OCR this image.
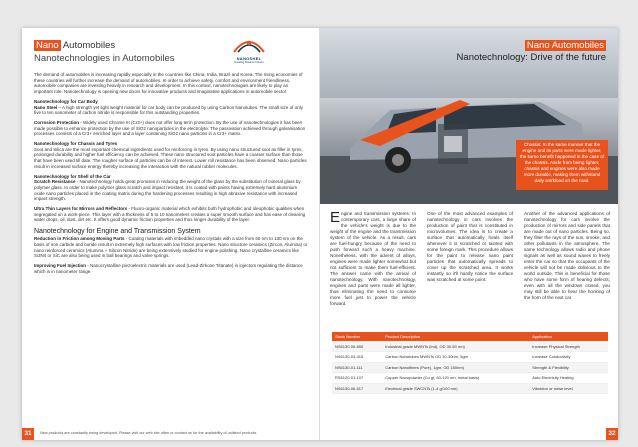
Nano Automobiles
Nanotechnologies in Automobiles	NANOSHEL
Creating Dreams in Nano

The demand of automobiles is increasing rapidly especially in the countries like China, India, Brazil and Korea. The rising economies of these countries will further increase the demand of automobiles. In order to achieve safety, comfort and environment friendliness, automobile companies are investing heavily in research and development. In this context, nanotechnologies are likely to play an important role. Nanotechnology is opening new doors for innovative products and imaginative applications in automobile sector.

Nanotechnology for Car Body

Nano Steel – A high strength yet light weight material for car body can be produced by using Carbon Nanotubes. The small size of only five to ten nanometer of carbon nitride is responsible for this outstanding properties.

Corrosion Protection - Widely used Chrome III (Cr3+) does not offer long term protection. By the use of nanotechnologies it has been made possible to enhance protection by the use of SiO2 nanoparticles in the electrolyte. The passivation achieved through galvanisation processes consists of a Cr3+ enriched layer and a layer containing SiO2 nano particles in a Cr3+ matrix.

Nanotechnology for Chassis and Tyres

Soot and Silica are the most important chemical ingredients used for reinforcing in tyres. By using nano structured soot as filler in tyres, prolonged durability and higher fuel efficiency can be achieved. These nano structured soot particles have a coarser surface than those that have been used till date. The rougher surface of particles can be of interest. Lower roll resistance has been observed. Nano particles result in increased surface energy thereby increasing the interaction with the natural rubber molecules.

Nanotechnology for Shell of the Car

Scratch Resistance - Nanotechnology holds great promises in reducing the weight of the glass by the substitution of mineral glass by polymer glass. In order to make polymer glass scratch and impact resistant, it is coated with paints having extremely hard aluminium oxide nano particles placed in the coating matrix during the hardening processes resulting in high abrasive resistance with increased impact strength.

Ultra Thin Layers for Mirrors and Reflectors - Fluoro-organic material which exhibits both hydrophobic and oleophobic qualities when segregated on a work-piece. This layer with a thickness of 5 to 10 nanometers creates a super smooth surface and has ease of cleaning water drops, oil, dust, dirt etc. It offers good dynamic friction properties and thus longer durability of the layer.

Nanotechnology for Engine and Transmission System

Reduction in Friction among Moving Parts - Coating materials with imbedded nano crystals with a size from 60 nm to 130 nm on the basis of iron carbide and boride result in extremely high surfaces with low friction properties. Nano structure ceramics (Zircon, Alumina) or nano reinforced ceramics (Alumina + Silicon Nitride) are being extensively studied for engine polishing. Nano crystalline ceramics like Si3N4 or SiC are also being used in ball bearings and valve springs.

Improving Fuel Injection - Nanocrystalline piezoelectric materials are used (Lead-Zirkone Titanate) in injectors regulating the distance which is in nanometer range.

31	New products are constantly being developed. Please visit our web site often or contact us for the availability of unlisted products.
Nano Automobiles
Nanotechnology: Drive of the future
Chassis: In the same manner that the engine and its parts were made lighter, the same benefit happened in the case of the chassis. Aside from being lighter, chassis and engines were also made more durable, making them withstand daily workload on the road.
Engine and transmission systems: In contemporary cars, a large share of the vehicle's weight is due to the weight of the engine and the transmission system of the vehicle. As a result, cars are fuel-hungry because of the need to push forward such a heavy machine. Nonetheless, with the advent of alloys, engines were made lighter somewhat but not sufficient to make them fuel-efficient. The answer came with the arrival of nanotechnology. With nanotechnology, engines and parts were made all lighter, thus eliminating the need to consume more fuel just to power the vehicle forward.
One of the most advanced examples of nanotechnology in cars involves the production of paint that is constituted in microvolumes. The idea is to create a surface that automatically heals itself whenever it is scratched or tainted with some foreign mark. This procedure allows for the paint to release nano paint particles that automatically spreads to cover up the scratched area. It works instantly so it'll hardly notice the surface was scratched at some point.
Another of the advanced applications of nanotechnology for cars involve the production of mirrors and side panels that are made out of nano particles. Being so, they filter the rays of the sun, smoke, and other pollutants in the atmosphere. The same technology allows radio and phone signals as well as sound waves to freely enter the car so that the occupants of the vehicle will not be made oblivious to the world outside. This is beneficial for those who have some form of hearing defects; even with all the windows closed, you may still be able to hear the honking of the horn of the next car.
Stock Number	Product Description	Application
NS6130-06-650	Industrial grade MWNTs (Ind), OD 30-50 nm)	Increase Physical Strength
NS6130-03-415	Carbon Nanotubes MWNTs OD 10-30nm, 5gm	Increase Conductivity
NS6130-01-111	Carbon Nanofibers (Pure), 1gm, OD 150nm)	Strength & Flexibility
RS6120-01-107	Copper Nanopowder (Cu gt, 60-120 nm, metal basis)	Auto Electricity Heating
NS6130-06-617	Electrical grade SWCNTs (1-4 g/100 nm)	Vibration or noise level
32
